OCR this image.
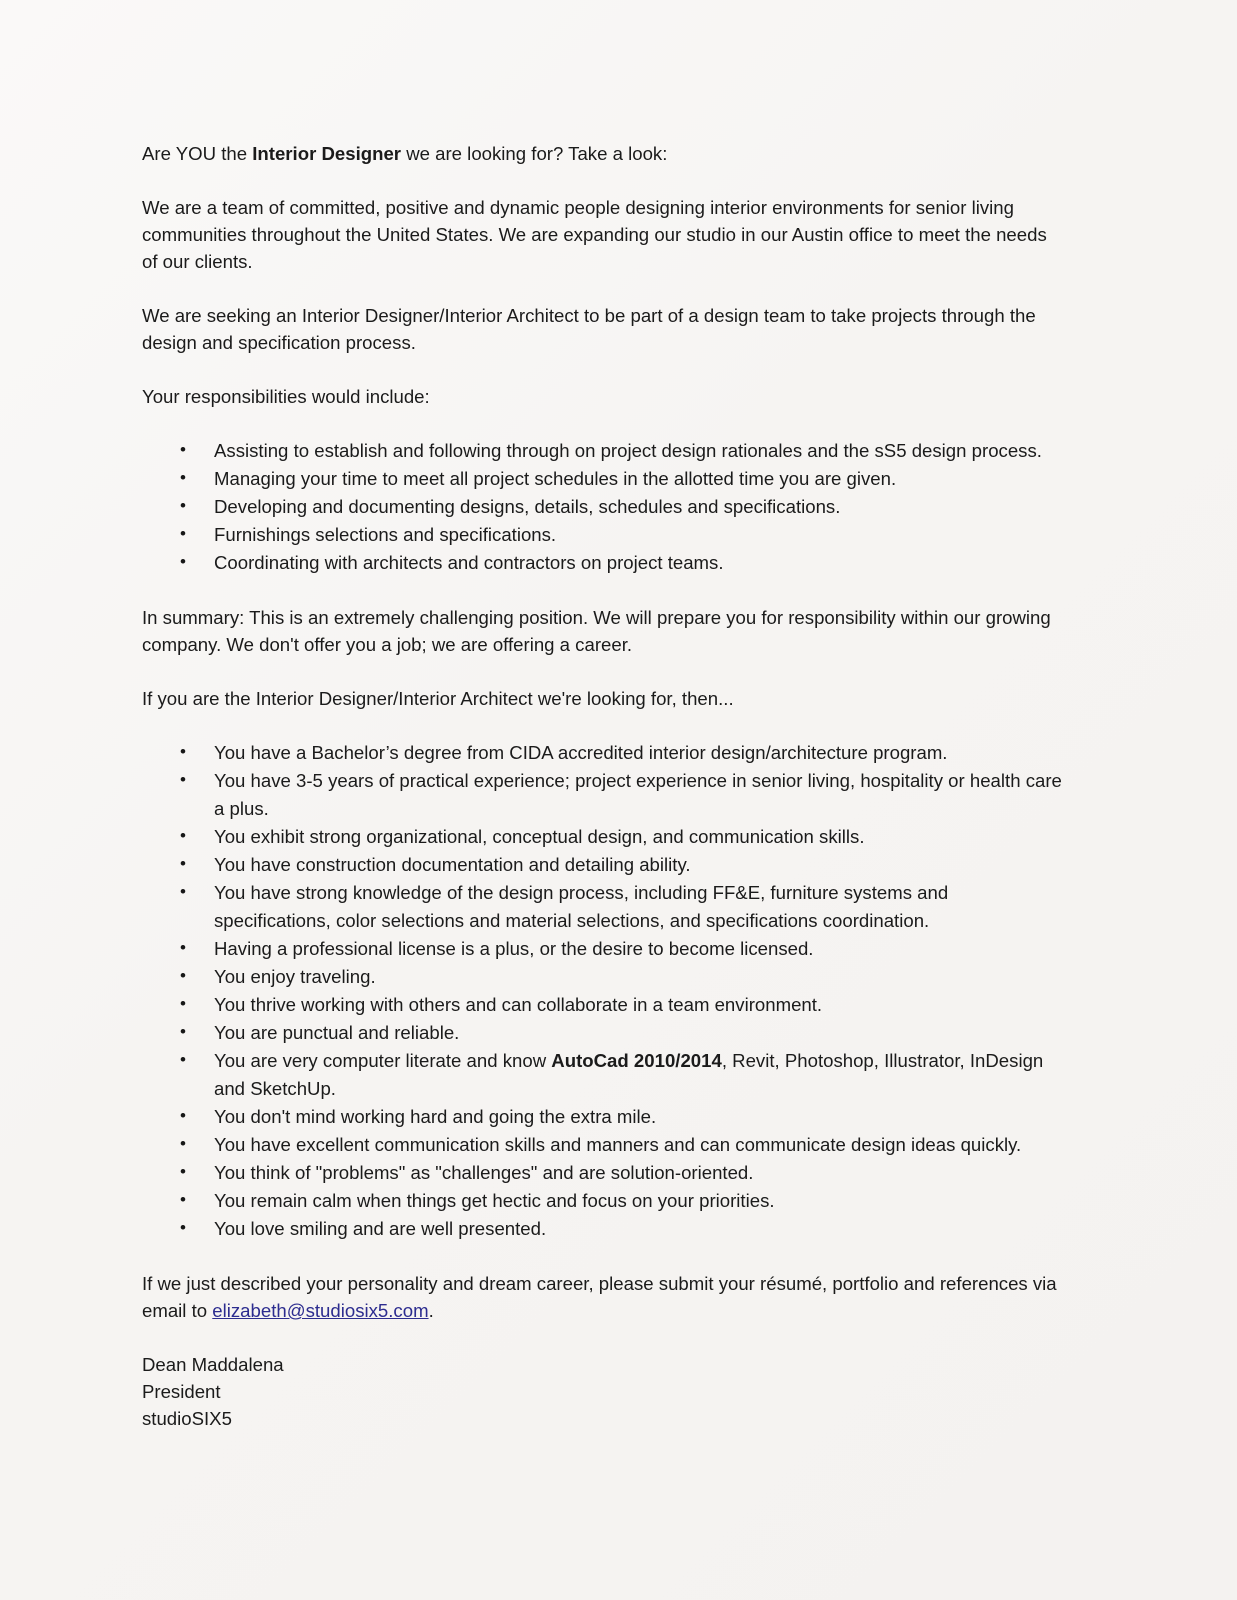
Are YOU the Interior Designer we are looking for? Take a look:

We are a team of committed, positive and dynamic people designing interior environments for senior living communities throughout the United States. We are expanding our studio in our Austin office to meet the needs of our clients.

We are seeking an Interior Designer/Interior Architect to be part of a design team to take projects through the design and specification process.

Your responsibilities would include:

• Assisting to establish and following through on project design rationales and the sS5 design process.
• Managing your time to meet all project schedules in the allotted time you are given.
• Developing and documenting designs, details, schedules and specifications.
• Furnishings selections and specifications.
• Coordinating with architects and contractors on project teams.

In summary: This is an extremely challenging position. We will prepare you for responsibility within our growing company. We don't offer you a job; we are offering a career.

If you are the Interior Designer/Interior Architect we're looking for, then...

• You have a Bachelor’s degree from CIDA accredited interior design/architecture program.
• You have 3-5 years of practical experience; project experience in senior living, hospitality or health care a plus.
• You exhibit strong organizational, conceptual design, and communication skills.
• You have construction documentation and detailing ability.
• You have strong knowledge of the design process, including FF&E, furniture systems and specifications, color selections and material selections, and specifications coordination.
• Having a professional license is a plus, or the desire to become licensed.
• You enjoy traveling.
• You thrive working with others and can collaborate in a team environment.
• You are punctual and reliable.
• You are very computer literate and know AutoCad 2010/2014, Revit, Photoshop, Illustrator, InDesign and SketchUp.
• You don't mind working hard and going the extra mile.
• You have excellent communication skills and manners and can communicate design ideas quickly.
• You think of "problems" as "challenges" and are solution-oriented.
• You remain calm when things get hectic and focus on your priorities.
• You love smiling and are well presented.

If we just described your personality and dream career, please submit your résumé, portfolio and references via email to elizabeth@studiosix5.com.

Dean Maddalena
President
studioSIX5
